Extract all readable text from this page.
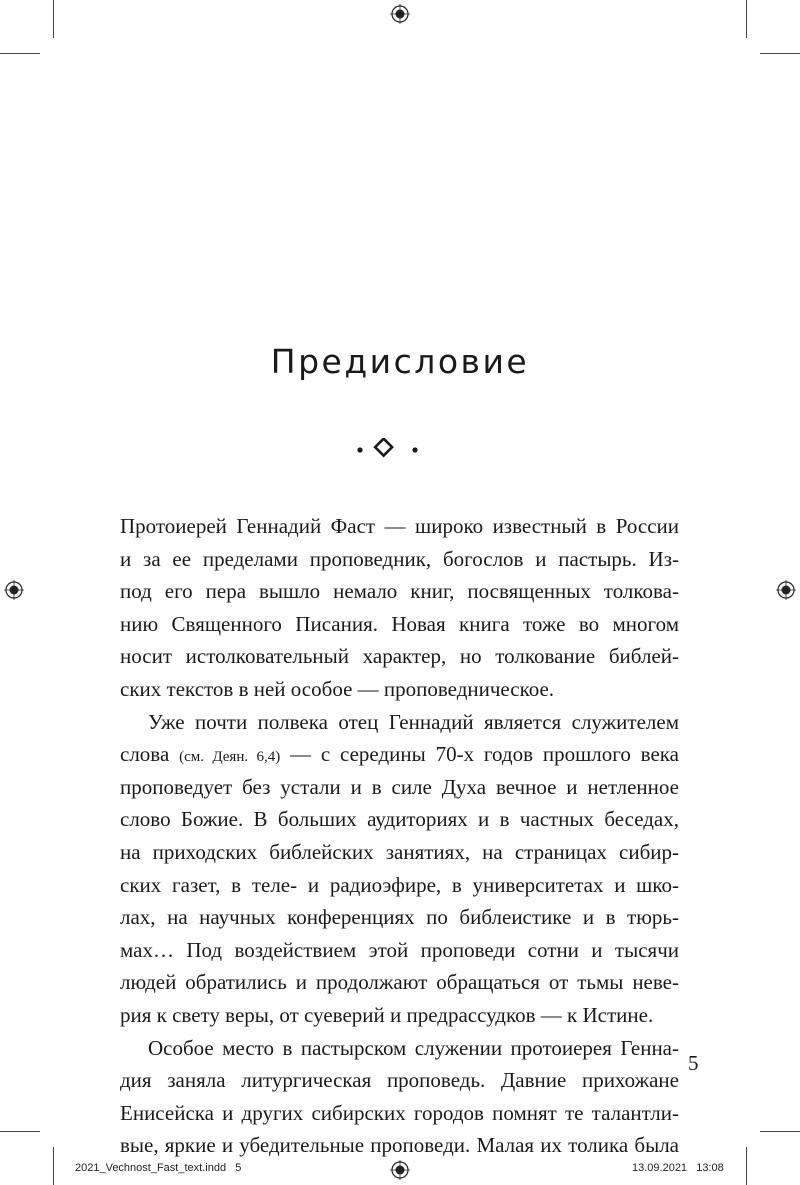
Предисловие
Протоиерей Геннадий Фаст — широко известный в России
и за ее пределами проповедник, богослов и пастырь. Из-
под его пера вышло немало книг, посвященных толкова-
нию Священного Писания. Новая книга тоже во многом
носит истолковательный характер, но толкование библей-
ских текстов в ней особое — проповедническое.
Уже почти полвека отец Геннадий является служителем
слова (см. Деян. 6,4) — с середины 70-х годов прошлого века
проповедует без устали и в силе Духа вечное и нетленное
слово Божие. В больших аудиториях и в частных беседах,
на приходских библейских занятиях, на страницах сибир-
ских газет, в теле- и радиоэфире, в университетах и шко-
лах, на научных конференциях по библеистике и в тюрь-
мах… Под воздействием этой проповеди сотни и тысячи
людей обратились и продолжают обращаться от тьмы неве-
рия к свету веры, от суеверий и предрассудков — к Истине.
Особое место в пастырском служении протоиерея Генна-
дия заняла литургическая проповедь. Давние прихожане
Енисейска и других сибирских городов помнят те талантли-
вые, яркие и убедительные проповеди. Малая их толика была
5
2021_Vechnost_Fast_text.indd   5	13.09.2021   13:08
